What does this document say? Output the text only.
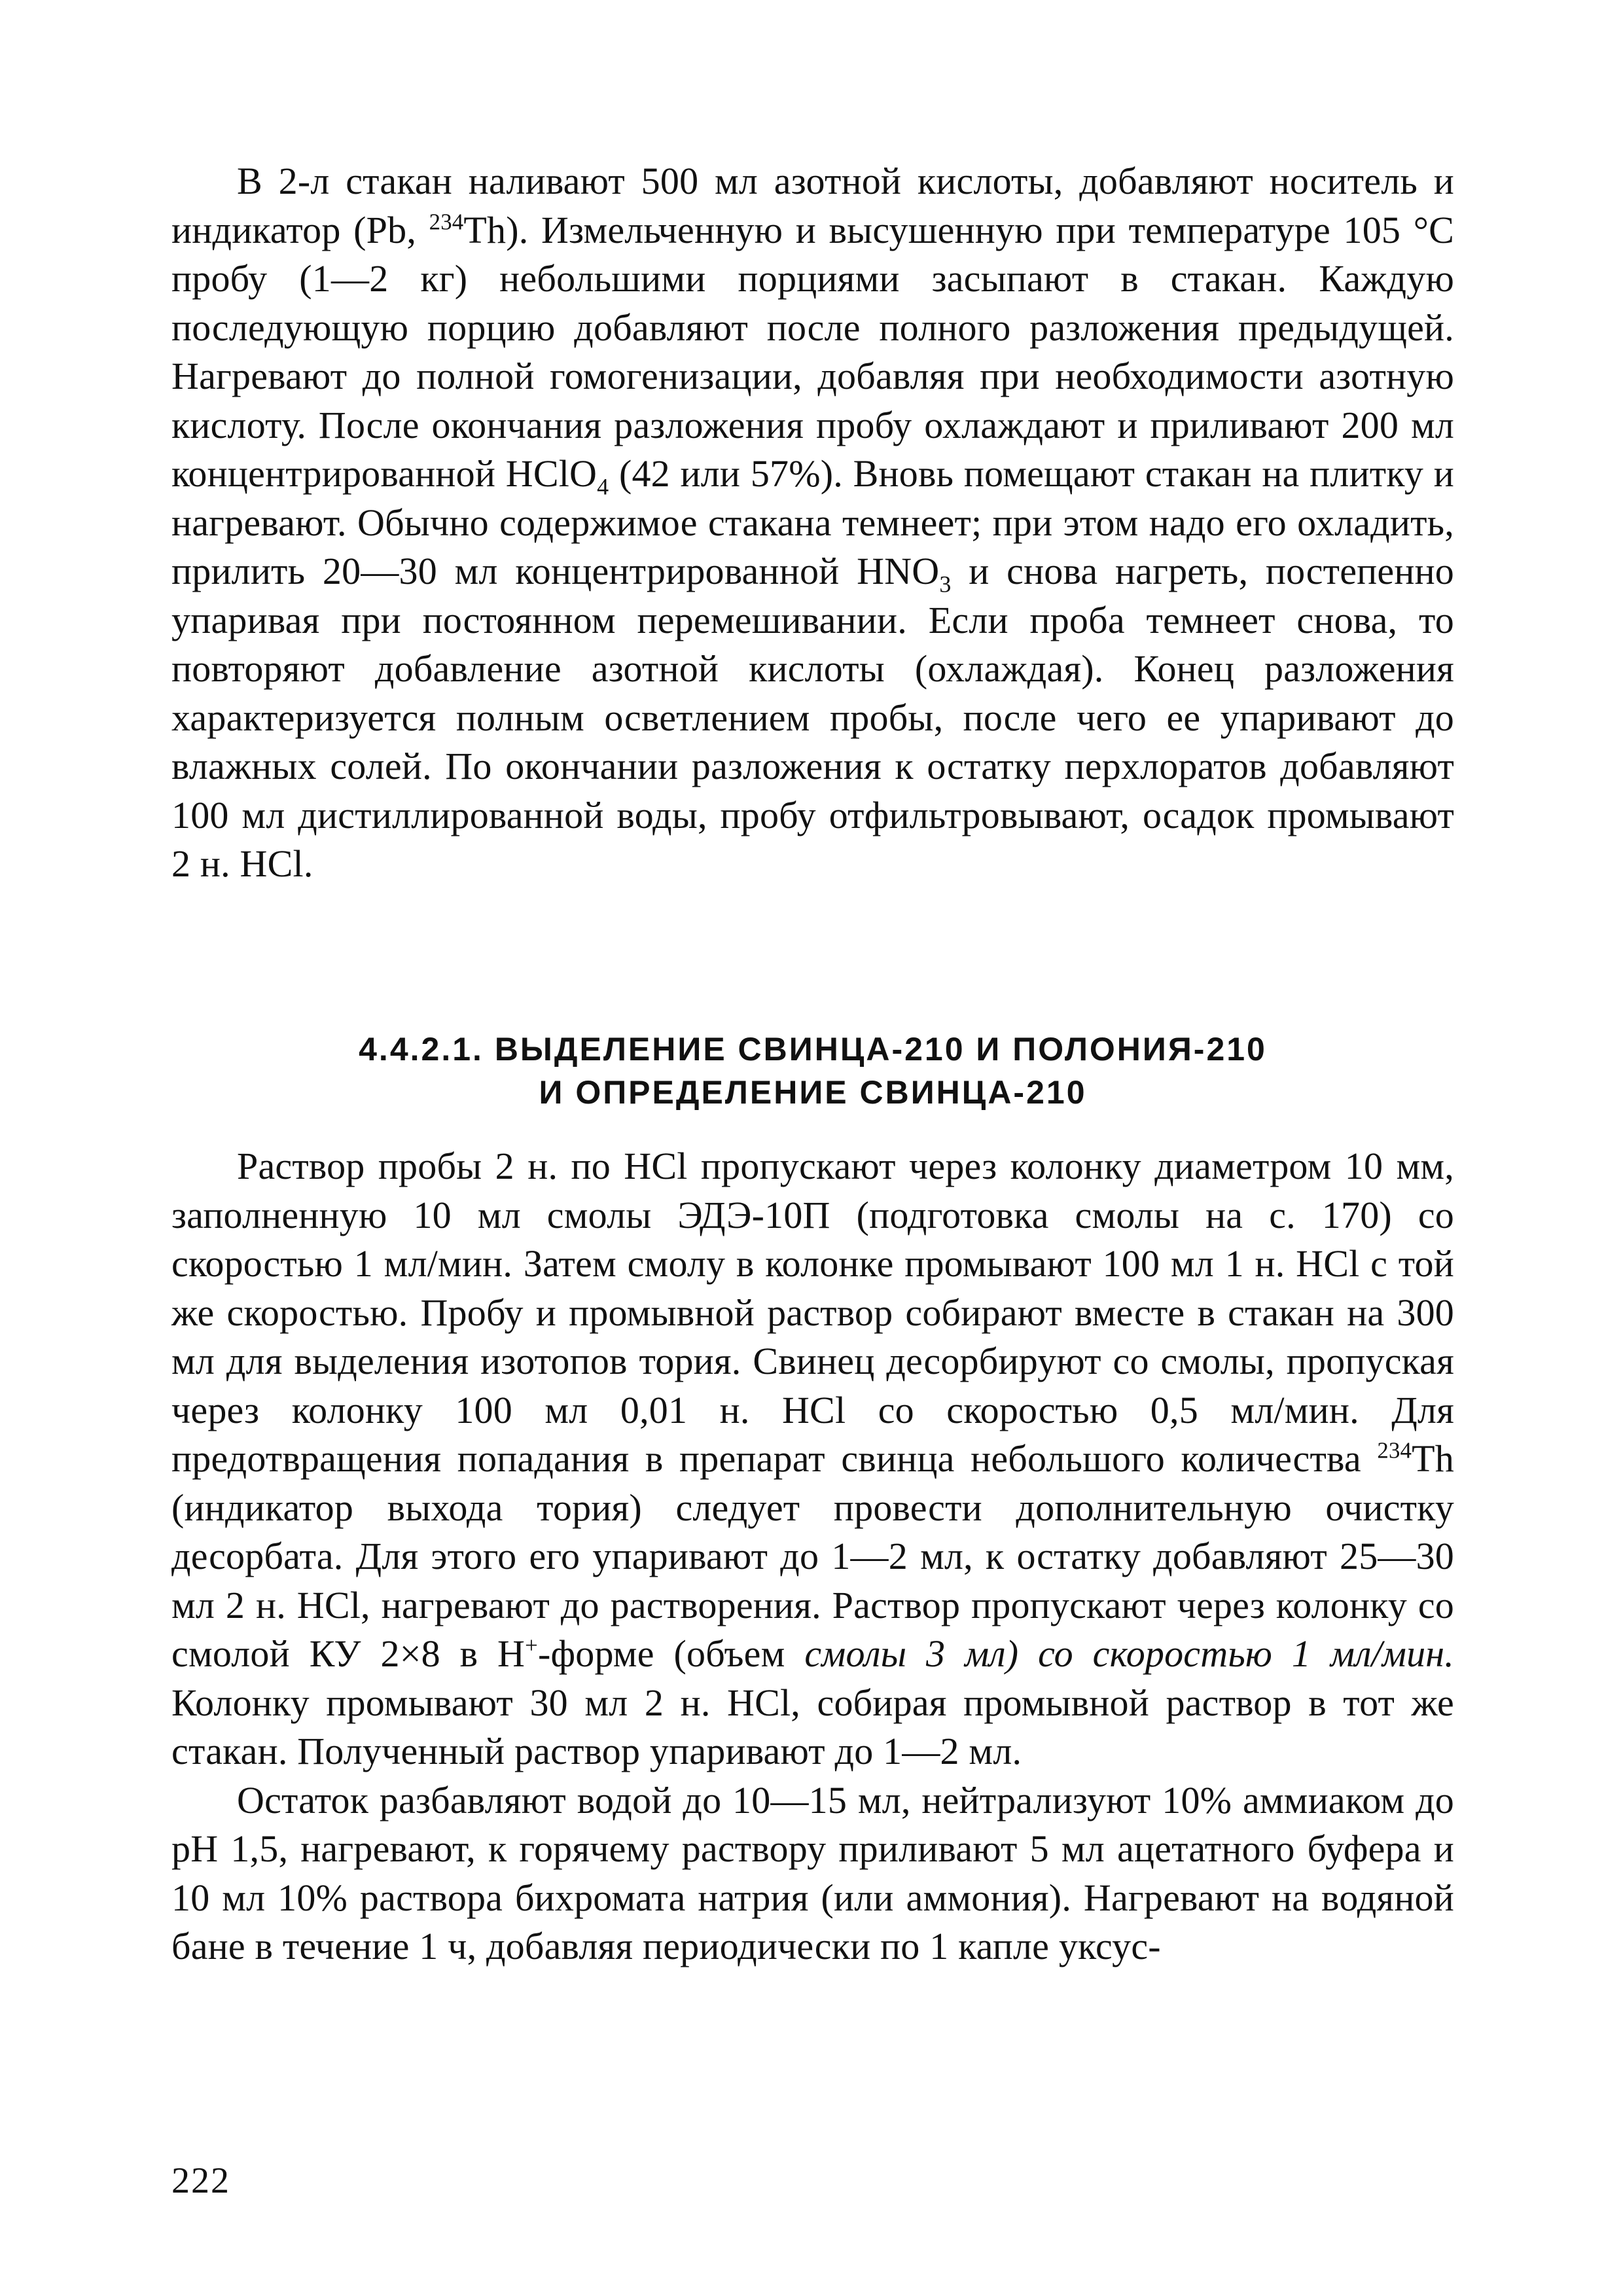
В 2-л стакан наливают 500 мл азотной кислоты, добавляют носитель и индикатор (Pb, $^{234}$Th). Измельченную и высушенную при температуре 105 °С пробу (1—2 кг) небольшими порциями засыпают в стакан. Каждую последующую порцию добавляют после полного разложения предыдущей. Нагревают до полной гомогенизации, добавляя при необходимости азотную кислоту. После окончания разложения пробу охлаждают и приливают 200 мл концентрированной НСlО$_4$ (42 или 57%). Вновь помещают стакан на плитку и нагревают. Обычно содержимое стакана темнеет; при этом надо его охладить, прилить 20—30 мл концентрированной $НNО_3$ и снова нагреть, постепенно упаривая при постоянном перемешивании. Если проба темнеет снова, то повторяют добавление азотной кислоты (охлаждая). Конец разложения характеризуется полным осветлением пробы, после чего ее упаривают до влажных солей. По окончании разложения к остатку перхлоратов добавляют 100 мл дистиллированной воды, пробу отфильтровывают, осадок промывают 2 н. НСl.

4.4.2.1. ВЫДЕЛЕНИЕ СВИНЦА-210 И ПОЛОНИЯ-210
И ОПРЕДЕЛЕНИЕ СВИНЦА-210

Раствор пробы 2 н. по НСl пропускают через колонку диаметром 10 мм, заполненную 10 мл смолы ЭДЭ-10П (подготовка смолы на с. 170) со скоростью 1 мл/мин. Затем смолу в колонке промывают 100 мл 1 н. НСl с той же скоростью. Пробу и промывной раствор собирают вместе в стакан на 300 мл для выделения изотопов тория. Свинец десорбируют со смолы, пропуская через колонку 100 мл 0,01 н. НСl со скоростью 0,5 мл/мин. Для предотвращения попадания в препарат свинца небольшого количества $^{234}$Th (индикатор выхода тория) следует провести дополнительную очистку десорбата. Для этого его упаривают до 1—2 мл, к остатку добавляют 25—30 мл 2 н. НСl, нагревают до растворения. Раствор пропускают через колонку со смолой КУ 2×8 в Н+-форме (объем смолы 3 мл) со скоростью 1 мл/мин. Колонку промывают 30 мл 2 н. НСl, собирая промывной раствор в тот же стакан. Полученный раствор упаривают до 1—2 мл.

Остаток разбавляют водой до 10—15 мл, нейтрализуют 10% аммиаком до рН 1,5, нагревают, к горячему раствору приливают 5 мл ацетатного буфера и 10 мл 10% раствора бихромата натрия (или аммония). Нагревают на водяной бане в течение 1 ч, добавляя периодически по 1 капле уксус-

222
